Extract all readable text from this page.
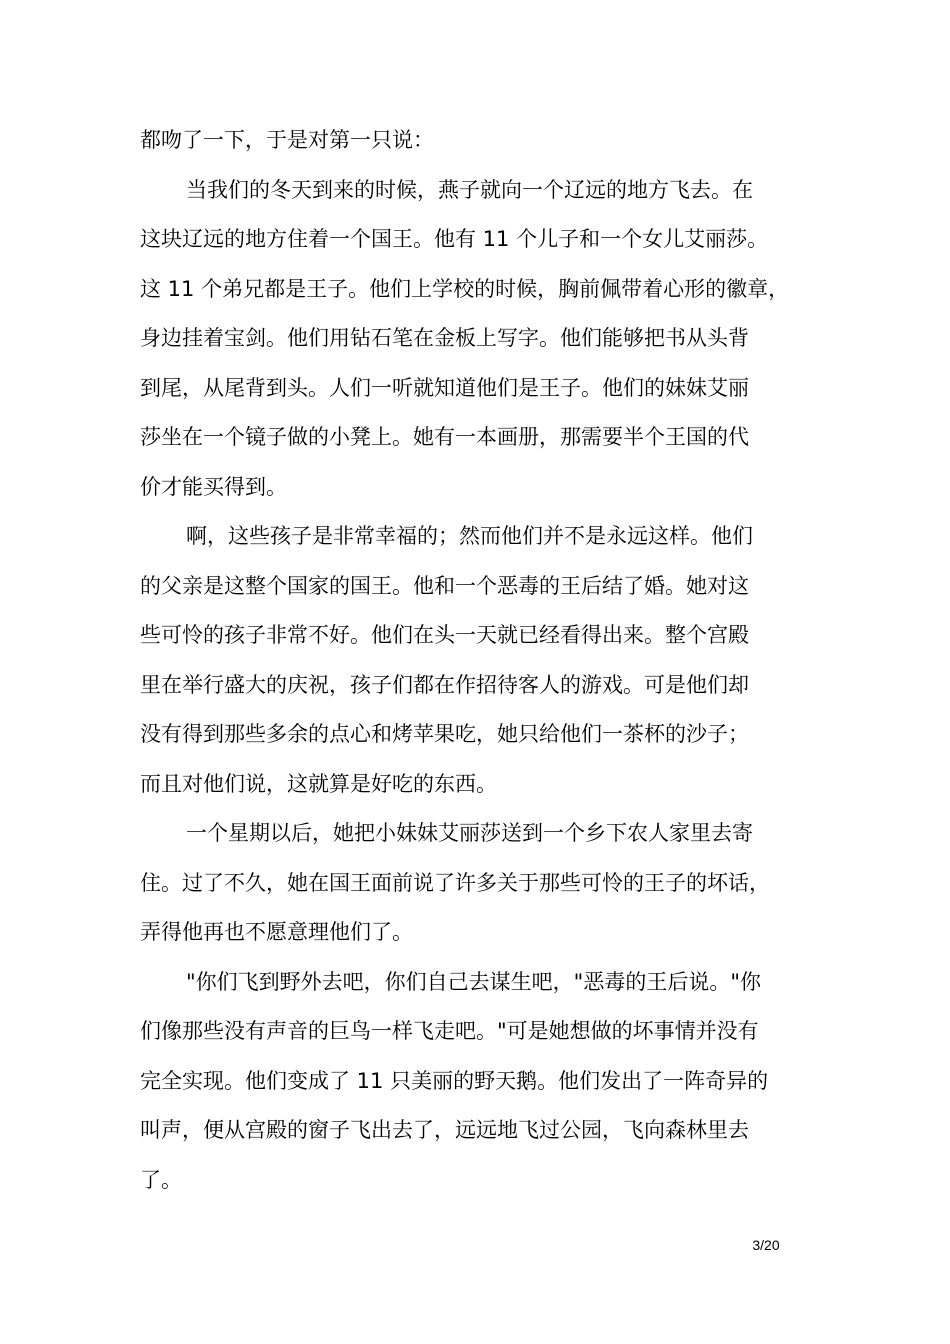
都吻了一下，于是对第一只说：
当我们的冬天到来的时候，燕子就向一个辽远的地方飞去。在
这块辽远的地方住着一个国王。他有 11 个儿子和一个女儿艾丽莎。
这 11 个弟兄都是王子。他们上学校的时候，胸前佩带着心形的徽章，
身边挂着宝剑。他们用钻石笔在金板上写字。他们能够把书从头背
到尾，从尾背到头。人们一听就知道他们是王子。他们的妹妹艾丽
莎坐在一个镜子做的小凳上。她有一本画册，那需要半个王国的代
价才能买得到。
啊，这些孩子是非常幸福的；然而他们并不是永远这样。他们
的父亲是这整个国家的国王。他和一个恶毒的王后结了婚。她对这
些可怜的孩子非常不好。他们在头一天就已经看得出来。整个宫殿
里在举行盛大的庆祝，孩子们都在作招待客人的游戏。可是他们却
没有得到那些多余的点心和烤苹果吃，她只给他们一茶杯的沙子；
而且对他们说，这就算是好吃的东西。
一个星期以后，她把小妹妹艾丽莎送到一个乡下农人家里去寄
住。过了不久，她在国王面前说了许多关于那些可怜的王子的坏话，
弄得他再也不愿意理他们了。
"你们飞到野外去吧，你们自己去谋生吧，"恶毒的王后说。"你
们像那些没有声音的巨鸟一样飞走吧。"可是她想做的坏事情并没有
完全实现。他们变成了 11 只美丽的野天鹅。他们发出了一阵奇异的
叫声，便从宫殿的窗子飞出去了，远远地飞过公园，飞向森林里去
了。
3/20
